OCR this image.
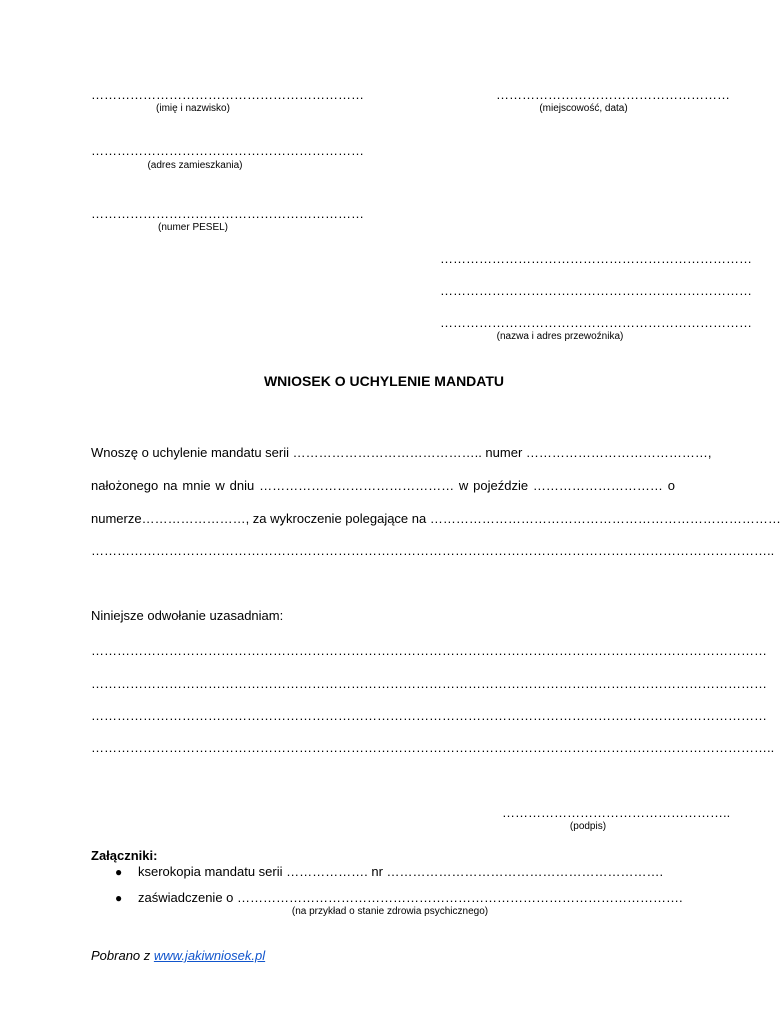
………………………………………………………
(imię i nazwisko)
………………………………………………………
(adres zamieszkania)
………………………………………………………
(numer PESEL)
………………………………………………
(miejscowość, data)
………………………………………………………………
………………………………………………………………
………………………………………………………………
(nazwa i adres przewoźnika)
WNIOSEK O UCHYLENIE MANDATU
Wnoszę o uchylenie mandatu serii …………………………………….. numer ……………………………………,
nałożonego na mnie w dniu ……………………………………… w pojeździe ………………………… o
numerze……………………, za wykroczenie polegające na ………………………………………………………………………
…………………………………………………………………………………………………………………………………………..
Niniejsze odwołanie uzasadniam:
…………………………………………………………………………………………………………………………………………
…………………………………………………………………………………………………………………………………………
…………………………………………………………………………………………………………………………………………
…………………………………………………………………………………………………………………………………………..
……………………………………………..
(podpis)
Załączniki:
● kserokopia mandatu serii ………………. nr ……………………………………………………….
● zaświadczenie o ………………………………………………………………………………………….
(na przykład o stanie zdrowia psychicznego)
Pobrano z www.jakiwniosek.pl
